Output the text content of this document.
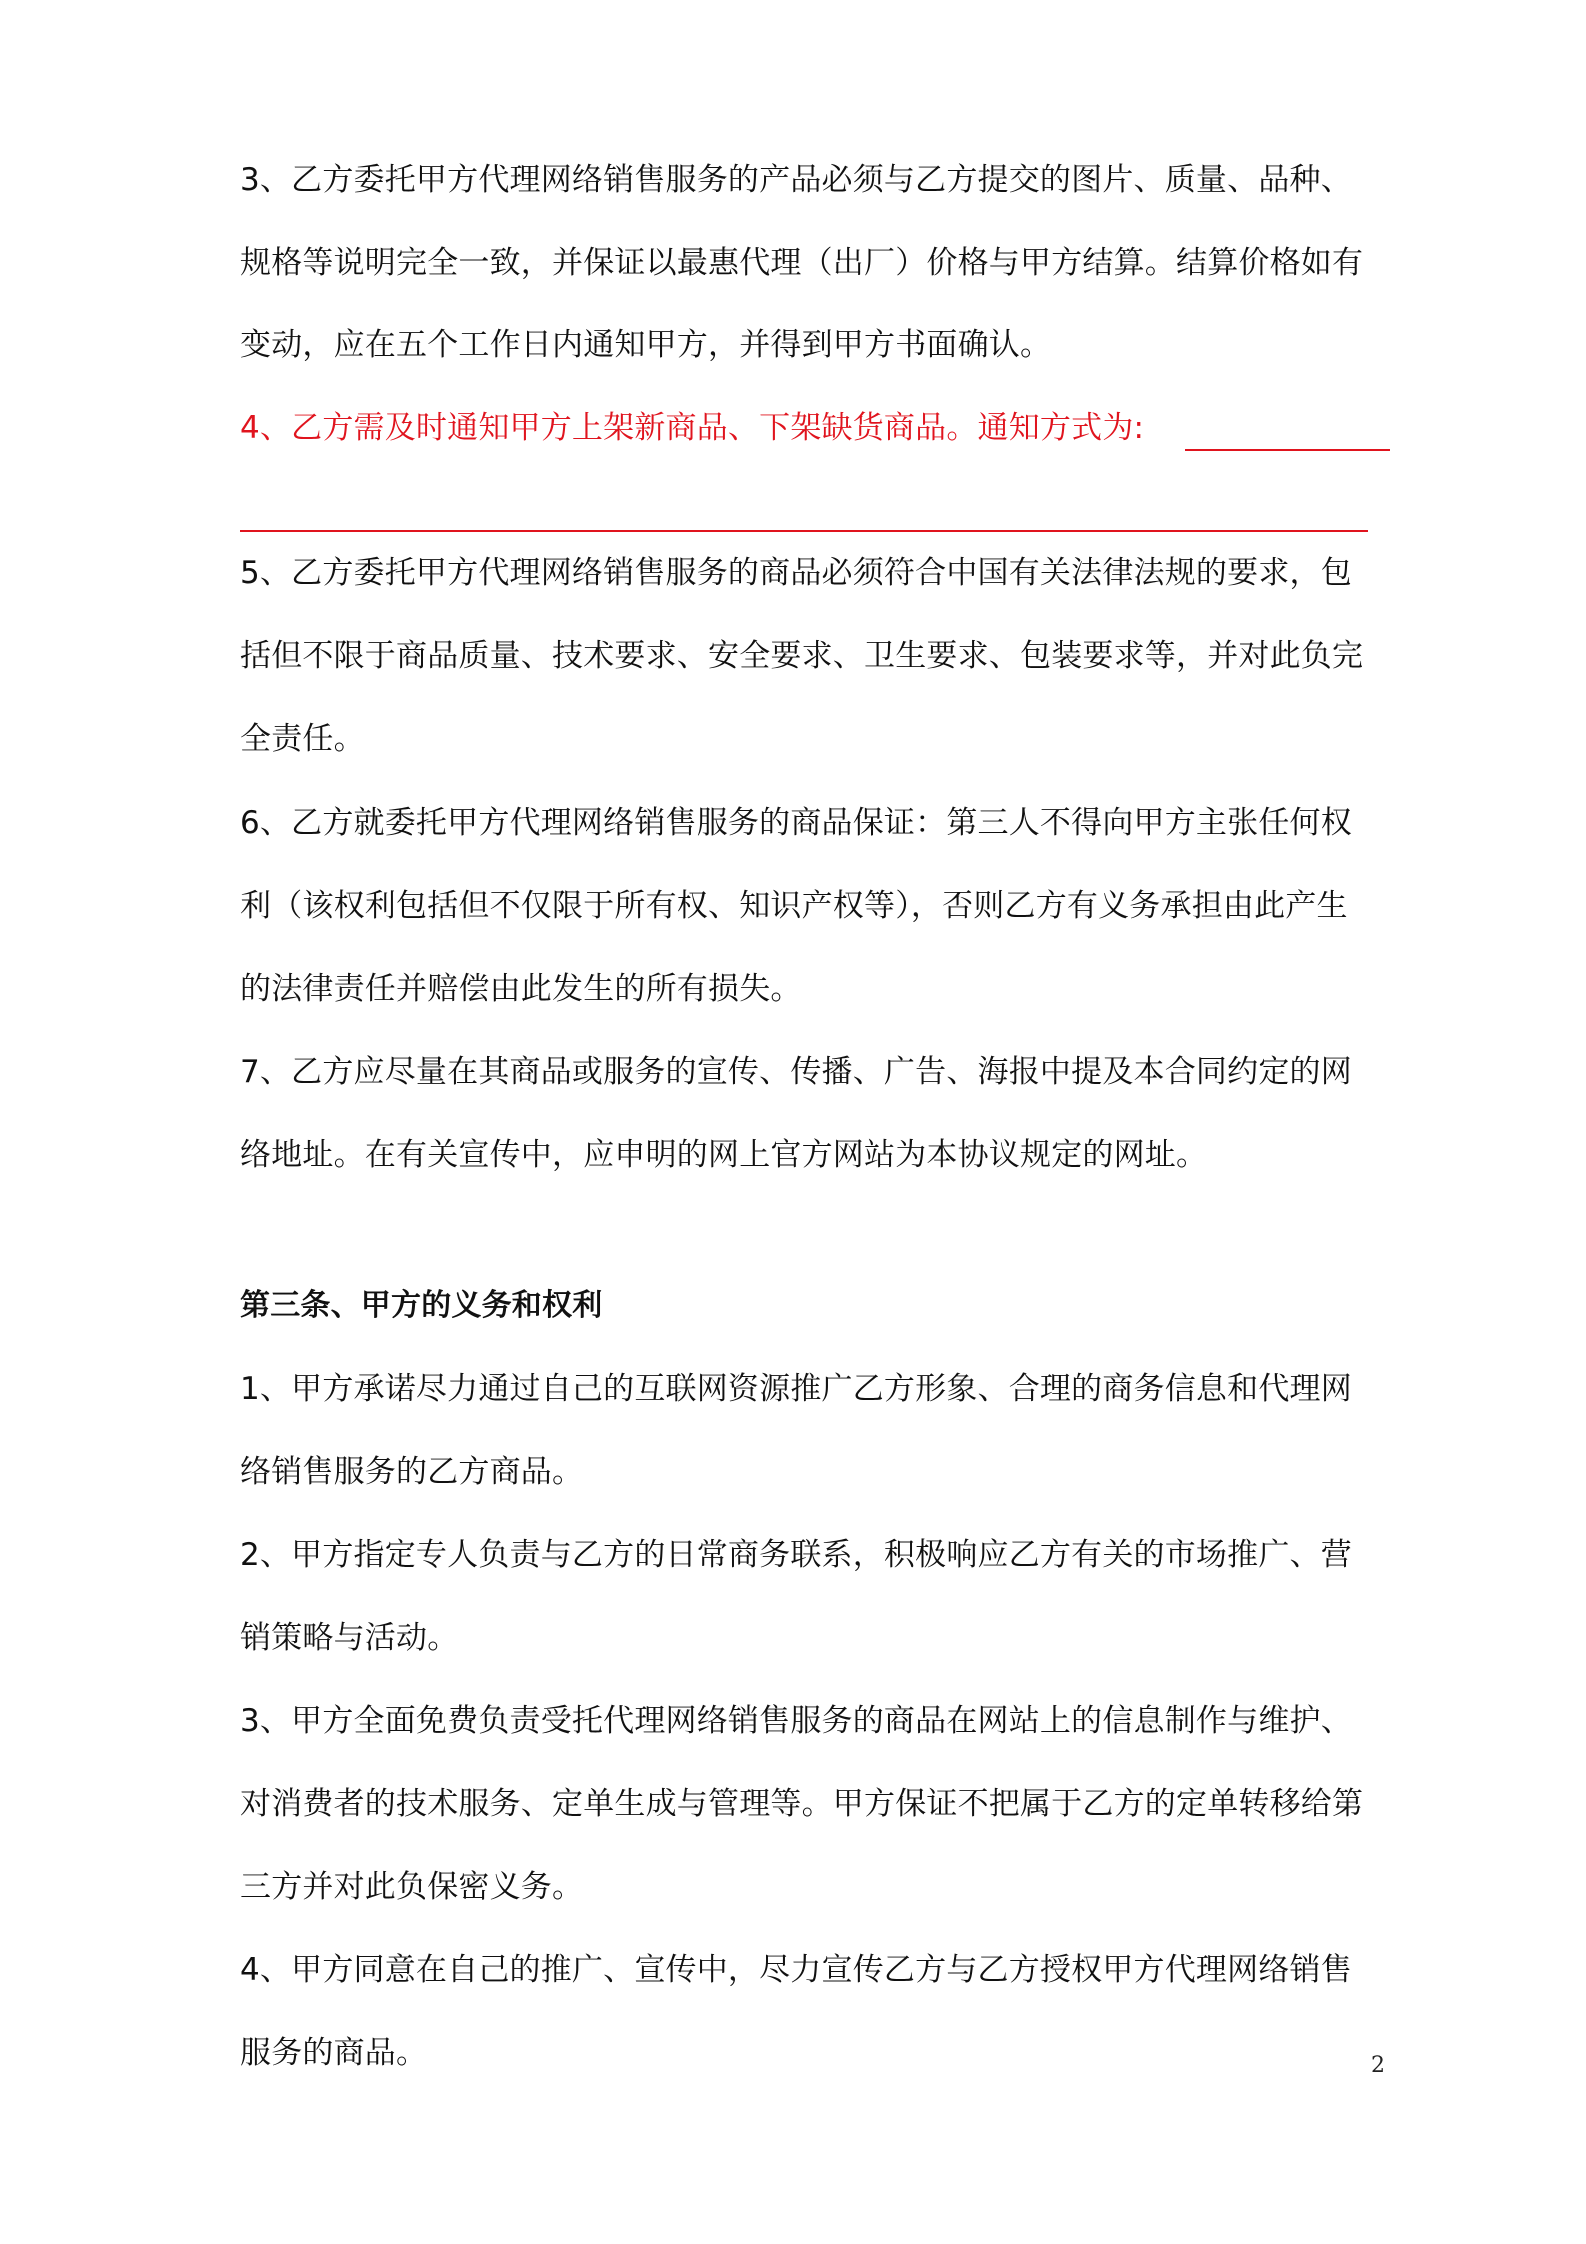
3、乙方委托甲方代理网络销售服务的产品必须与乙方提交的图片、质量、品种、
规格等说明完全一致，并保证以最惠代理（出厂）价格与甲方结算。结算价格如有
变动，应在五个工作日内通知甲方，并得到甲方书面确认。
4、乙方需及时通知甲方上架新商品、下架缺货商品。通知方式为:
5、乙方委托甲方代理网络销售服务的商品必须符合中国有关法律法规的要求，包
括但不限于商品质量、技术要求、安全要求、卫生要求、包装要求等，并对此负完
全责任。
6、乙方就委托甲方代理网络销售服务的商品保证：第三人不得向甲方主张任何权
利（该权利包括但不仅限于所有权、知识产权等），否则乙方有义务承担由此产生
的法律责任并赔偿由此发生的所有损失。
7、乙方应尽量在其商品或服务的宣传、传播、广告、海报中提及本合同约定的网
络地址。在有关宣传中，应申明的网上官方网站为本协议规定的网址。
第三条、甲方的义务和权利
1、甲方承诺尽力通过自己的互联网资源推广乙方形象、合理的商务信息和代理网
络销售服务的乙方商品。
2、甲方指定专人负责与乙方的日常商务联系，积极响应乙方有关的市场推广、营
销策略与活动。
3、甲方全面免费负责受托代理网络销售服务的商品在网站上的信息制作与维护、
对消费者的技术服务、定单生成与管理等。甲方保证不把属于乙方的定单转移给第
三方并对此负保密义务。
4、甲方同意在自己的推广、宣传中，尽力宣传乙方与乙方授权甲方代理网络销售
服务的商品。	2
